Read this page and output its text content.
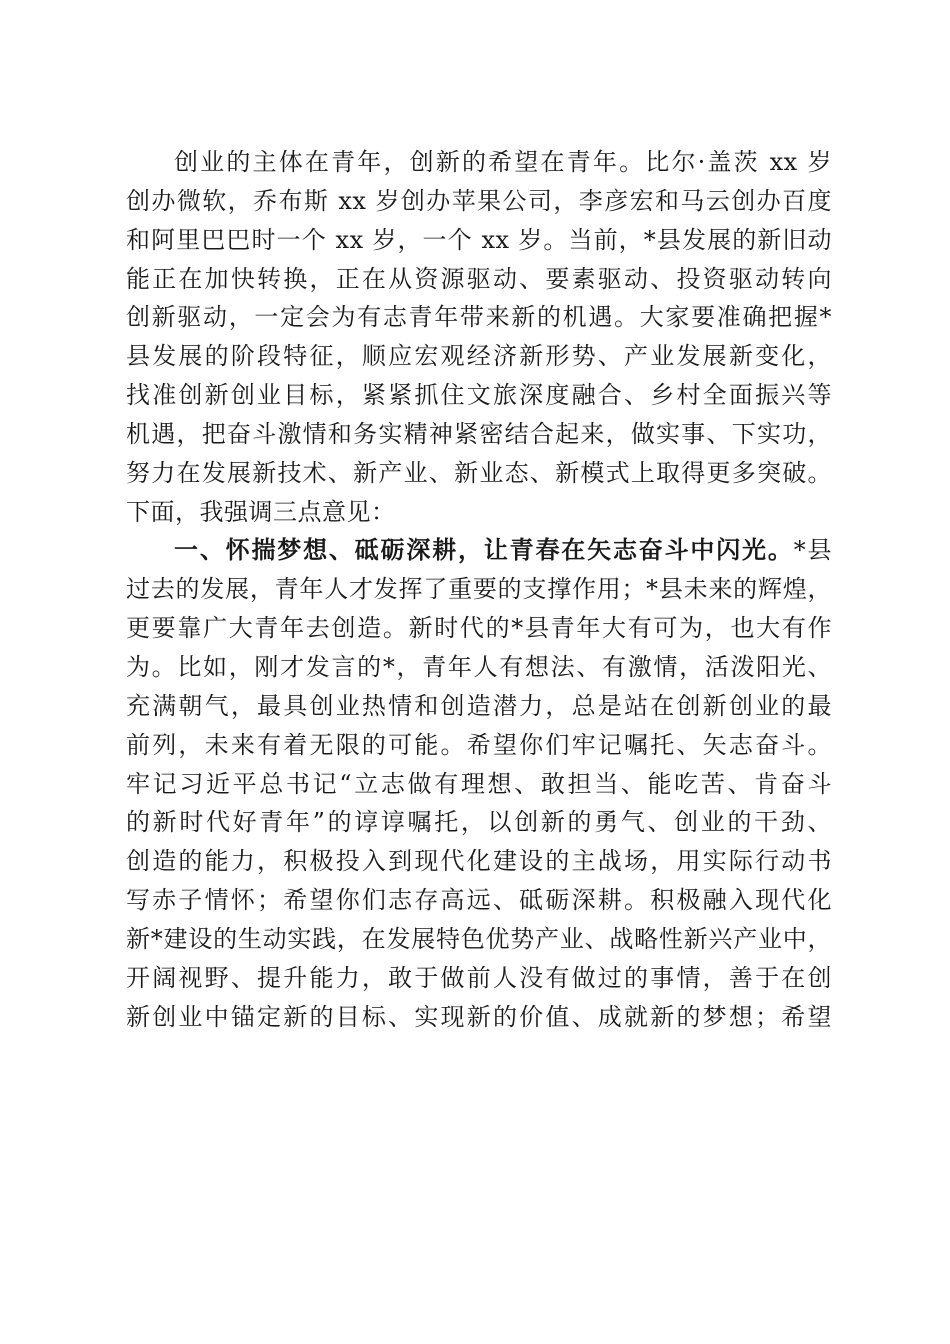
创业的主体在青年，创新的希望在青年。比尔·盖茨 xx 岁
创办微软，乔布斯 xx 岁创办苹果公司，李彦宏和马云创办百度
和阿里巴巴时一个 xx 岁，一个 xx 岁。当前，*县发展的新旧动
能正在加快转换，正在从资源驱动、要素驱动、投资驱动转向
创新驱动，一定会为有志青年带来新的机遇。大家要准确把握*
县发展的阶段特征，顺应宏观经济新形势、产业发展新变化，
找准创新创业目标，紧紧抓住文旅深度融合、乡村全面振兴等
机遇，把奋斗激情和务实精神紧密结合起来，做实事、下实功，
努力在发展新技术、新产业、新业态、新模式上取得更多突破。
下面，我强调三点意见：
一、怀揣梦想、砥砺深耕，让青春在矢志奋斗中闪光。*县
过去的发展，青年人才发挥了重要的支撑作用；*县未来的辉煌，
更要靠广大青年去创造。新时代的*县青年大有可为，也大有作
为。比如，刚才发言的*，青年人有想法、有激情，活泼阳光、
充满朝气，最具创业热情和创造潜力，总是站在创新创业的最
前列，未来有着无限的可能。希望你们牢记嘱托、矢志奋斗。
牢记习近平总书记“立志做有理想、敢担当、能吃苦、肯奋斗
的新时代好青年”的谆谆嘱托，以创新的勇气、创业的干劲、
创造的能力，积极投入到现代化建设的主战场，用实际行动书
写赤子情怀；希望你们志存高远、砥砺深耕。积极融入现代化
新*建设的生动实践，在发展特色优势产业、战略性新兴产业中，
开阔视野、提升能力，敢于做前人没有做过的事情，善于在创
新创业中锚定新的目标、实现新的价值、成就新的梦想；希望
